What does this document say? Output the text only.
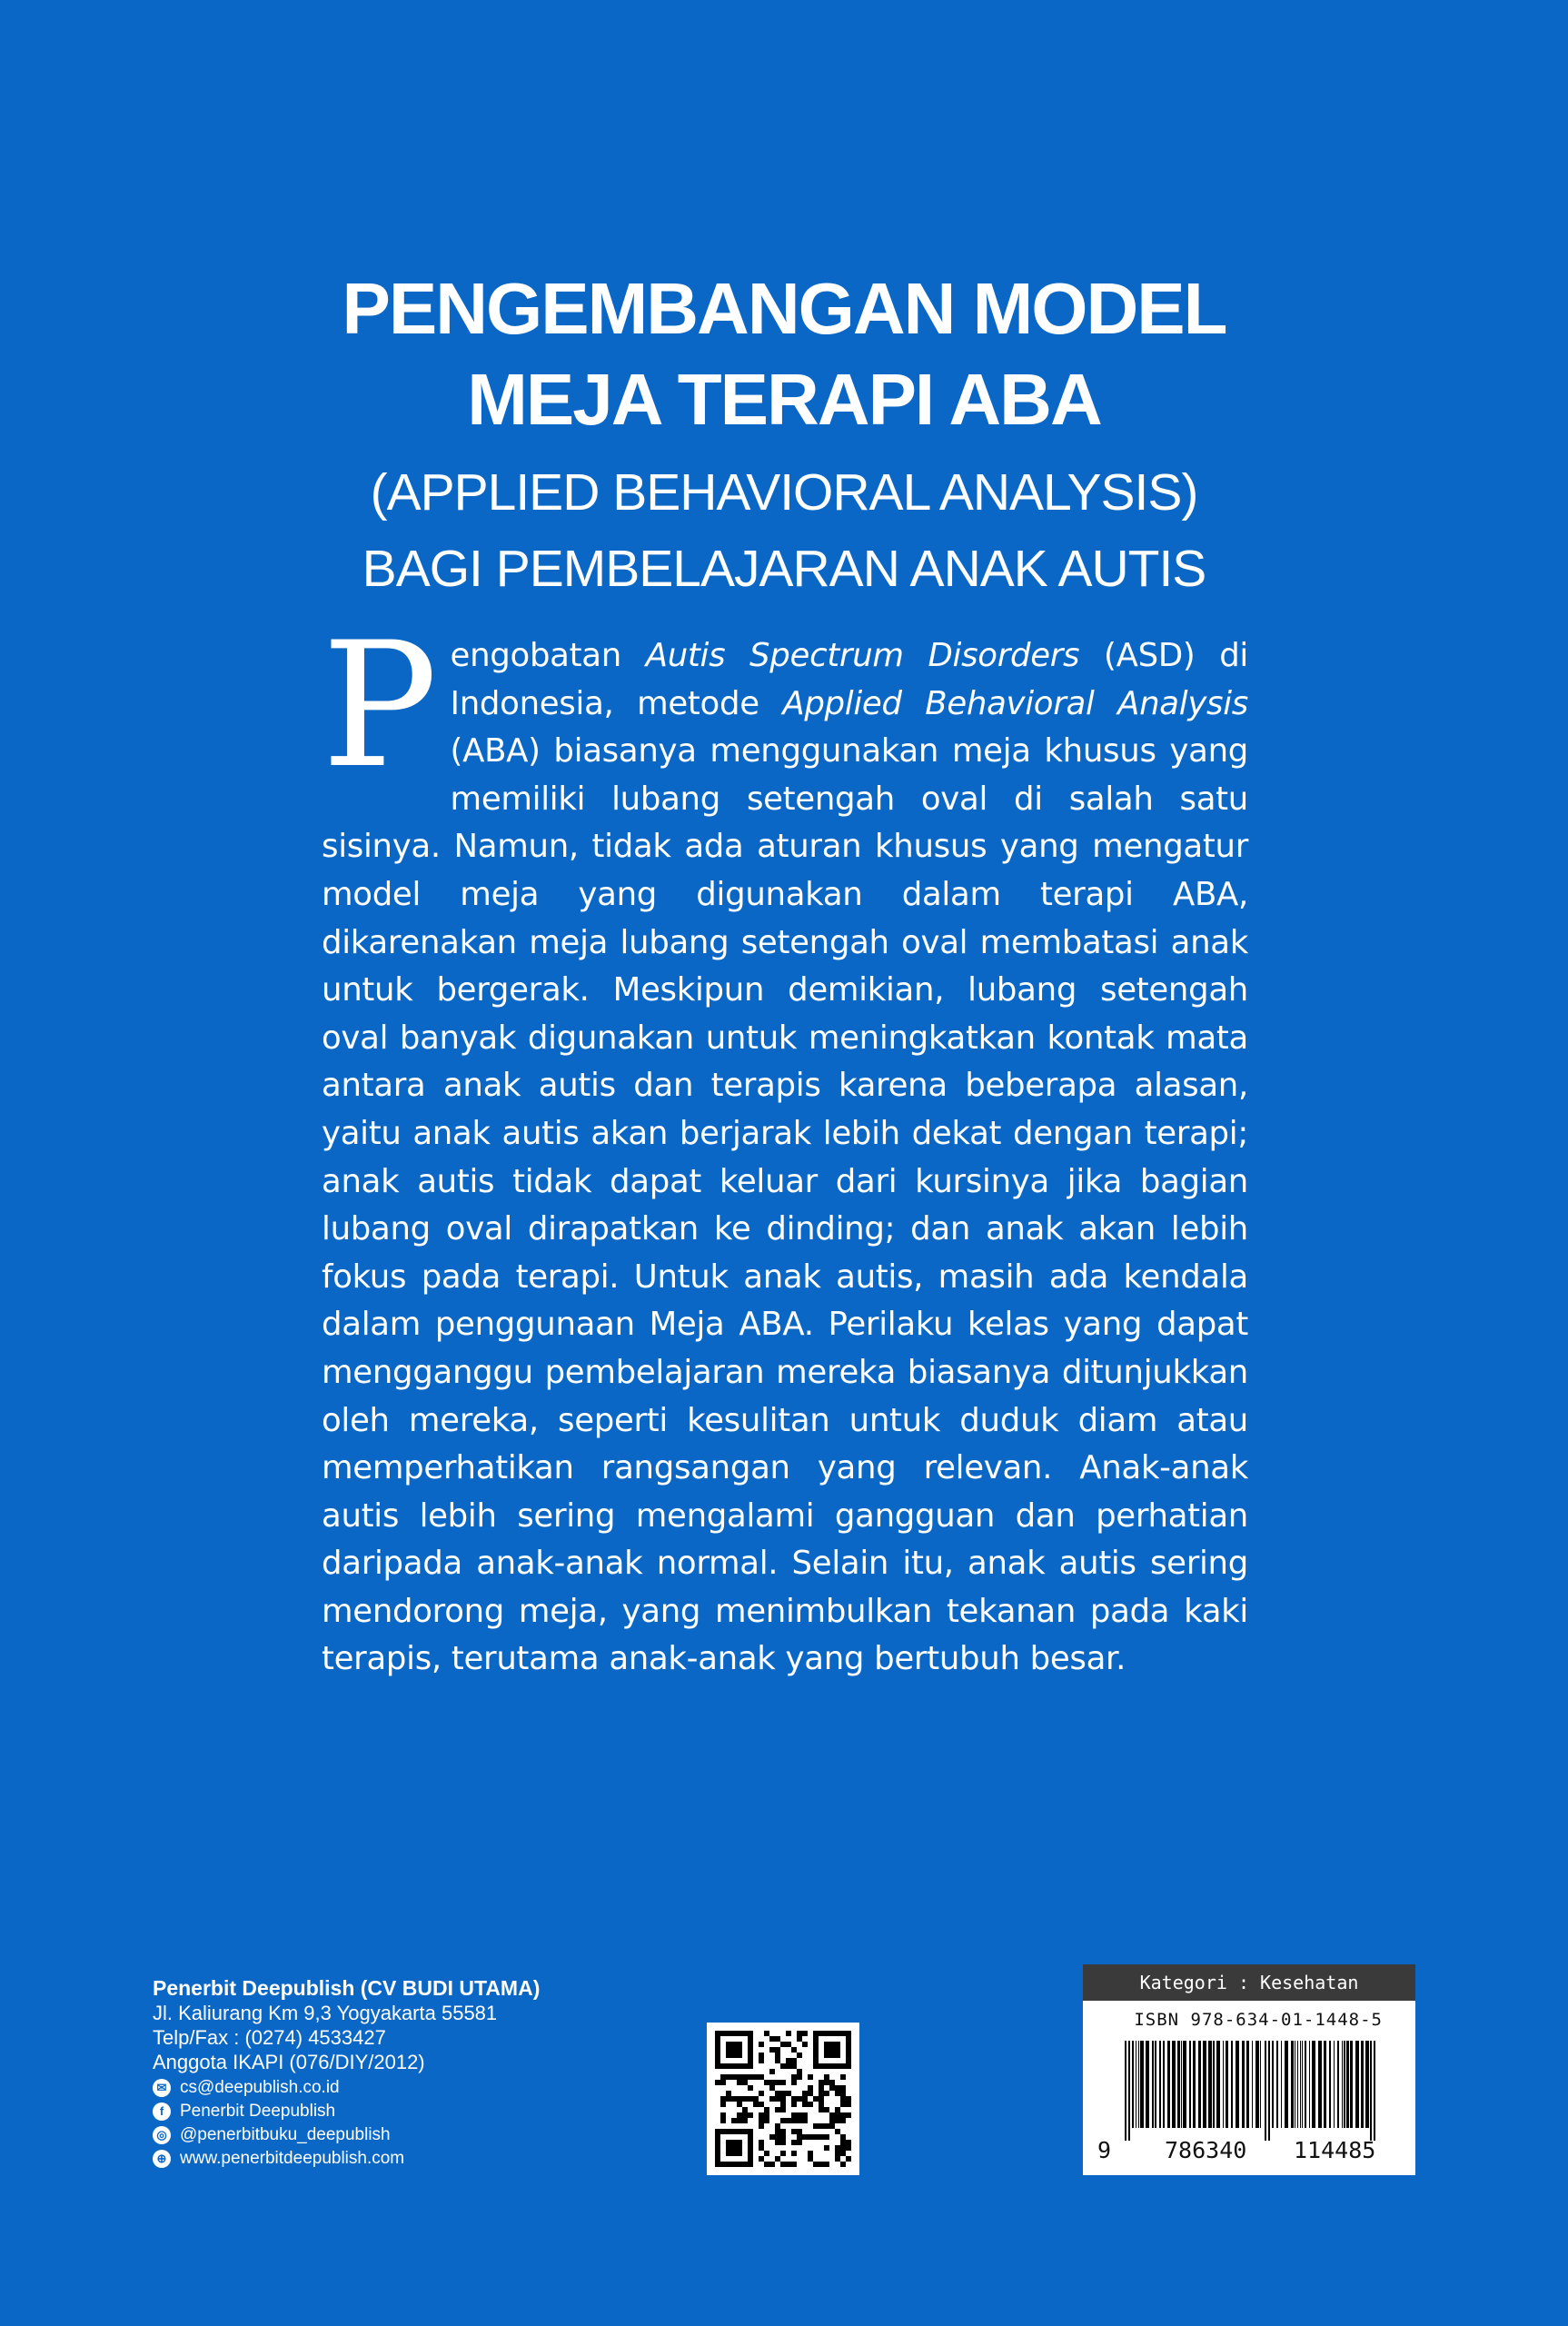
PENGEMBANGAN MODEL
MEJA TERAPI ABA
(APPLIED BEHAVIORAL ANALYSIS)
BAGI PEMBELAJARAN ANAK AUTIS
Pengobatan Autis Spectrum Disorders (ASD) di Indonesia, metode Applied Behavioral Analysis (ABA) biasanya menggunakan meja khusus yang memiliki lubang setengah oval di salah satu sisinya. Namun, tidak ada aturan khusus yang mengatur model meja yang digunakan dalam terapi ABA, dikarenakan meja lubang setengah oval membatasi anak untuk bergerak. Meskipun demikian, lubang setengah oval banyak digunakan untuk meningkatkan kontak mata antara anak autis dan terapis karena beberapa alasan, yaitu anak autis akan berjarak lebih dekat dengan terapi; anak autis tidak dapat keluar dari kursinya jika bagian lubang oval dirapatkan ke dinding; dan anak akan lebih fokus pada terapi. Untuk anak autis, masih ada kendala dalam penggunaan Meja ABA. Perilaku kelas yang dapat mengganggu pembelajaran mereka biasanya ditunjukkan oleh mereka, seperti kesulitan untuk duduk diam atau memperhatikan rangsangan yang relevan. Anak-anak autis lebih sering mengalami gangguan dan perhatian daripada anak-anak normal. Selain itu, anak autis sering mendorong meja, yang menimbulkan tekanan pada kaki terapis, terutama anak-anak yang bertubuh besar.
Penerbit Deepublish (CV BUDI UTAMA)
Jl. Kaliurang Km 9,3 Yogyakarta 55581
Telp/Fax : (0274) 4533427
Anggota IKAPI (076/DIY/2012)
✉ cs@deepublish.co.id
f Penerbit Deepublish
◎ @penerbitbuku_deepublish
⊕ www.penerbitdeepublish.com
Kategori : Kesehatan
ISBN 978-634-01-1448-5
9 786340 114485
